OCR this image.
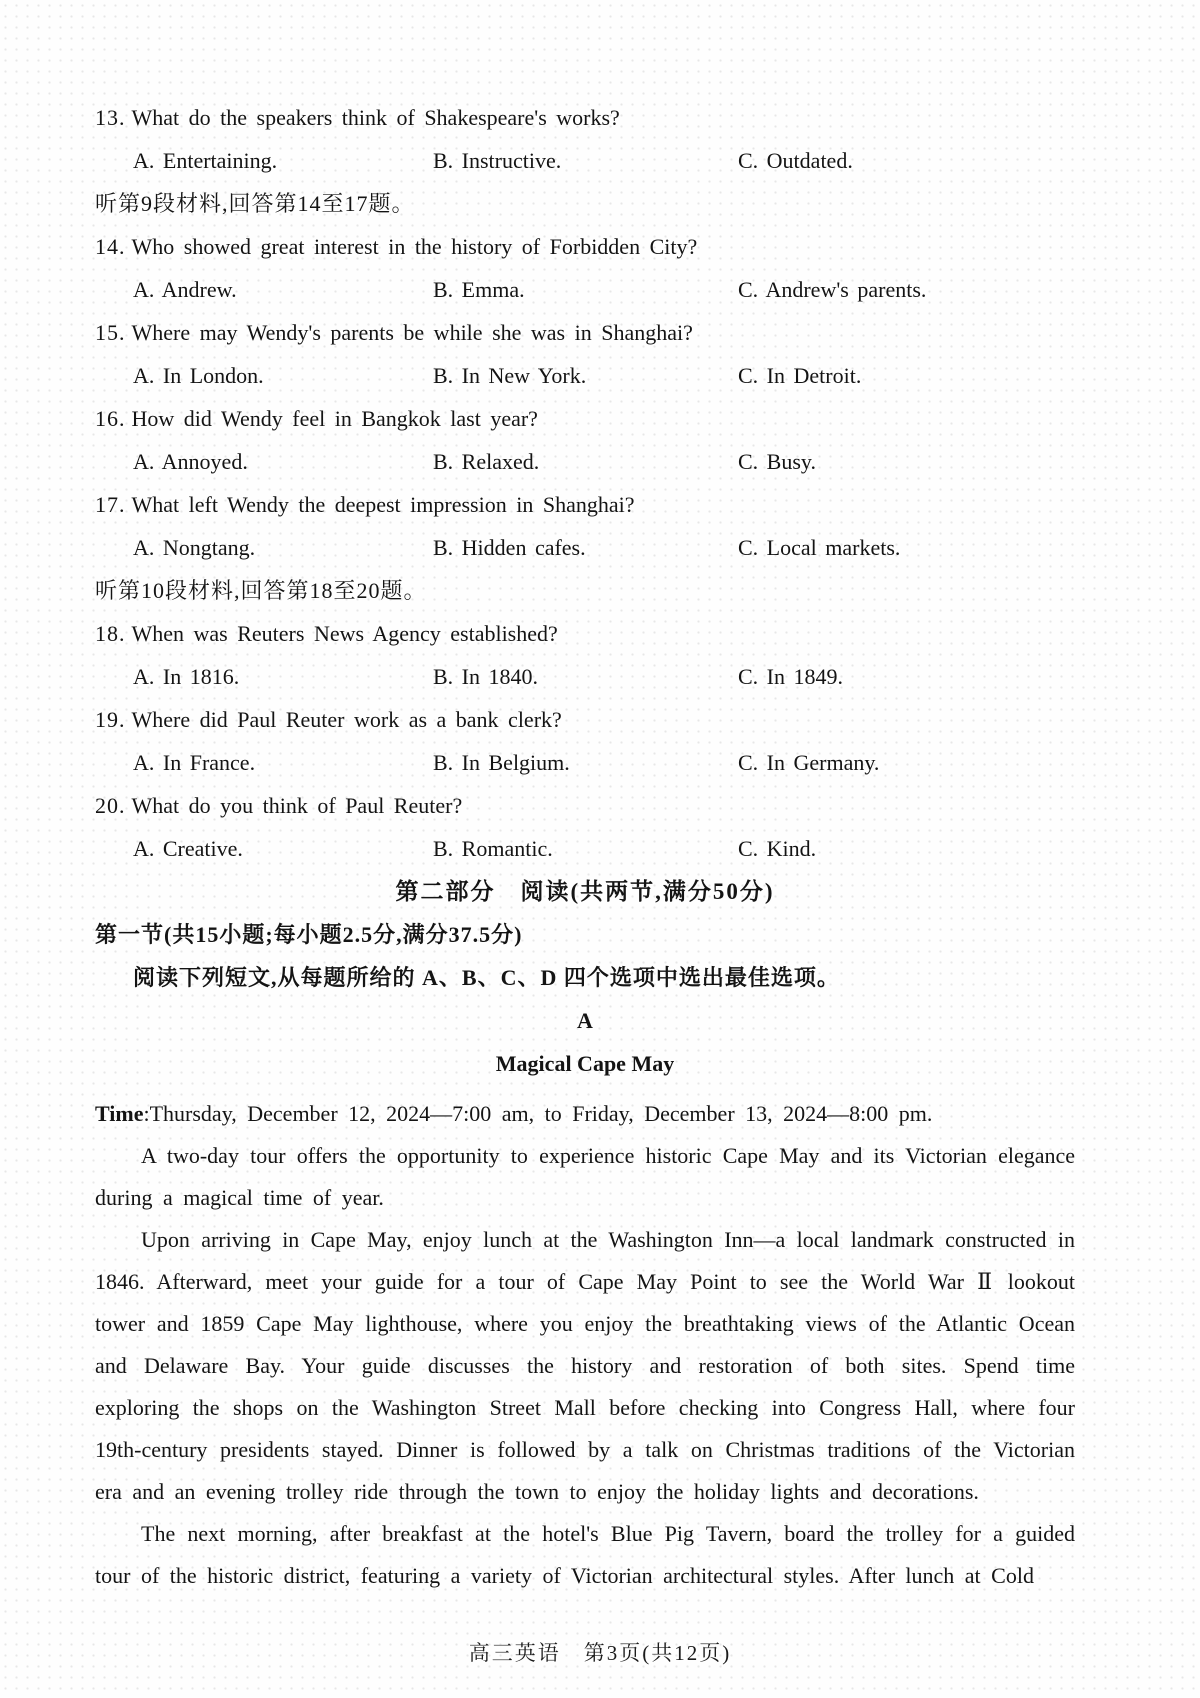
13. What do the speakers think of Shakespeare's works?
A. Entertaining.	B. Instructive.	C. Outdated.
听第9段材料,回答第14至17题。
14. Who showed great interest in the history of Forbidden City?
A. Andrew.	B. Emma.	C. Andrew's parents.
15. Where may Wendy's parents be while she was in Shanghai?
A. In London.	B. In New York.	C. In Detroit.
16. How did Wendy feel in Bangkok last year?
A. Annoyed.	B. Relaxed.	C. Busy.
17. What left Wendy the deepest impression in Shanghai?
A. Nongtang.	B. Hidden cafes.	C. Local markets.
听第10段材料,回答第18至20题。
18. When was Reuters News Agency established?
A. In 1816.	B. In 1840.	C. In 1849.
19. Where did Paul Reuter work as a bank clerk?
A. In France.	B. In Belgium.	C. In Germany.
20. What do you think of Paul Reuter?
A. Creative.	B. Romantic.	C. Kind.
第二部分　阅读(共两节,满分50分)
第一节(共15小题;每小题2.5分,满分37.5分)
阅读下列短文,从每题所给的 A、B、C、D 四个选项中选出最佳选项。
A
Magical Cape May
Time:Thursday, December 12, 2024—7:00 am, to Friday, December 13, 2024—8:00 pm.

A two-day tour offers the opportunity to experience historic Cape May and its Victorian elegance during a magical time of year.

Upon arriving in Cape May, enjoy lunch at the Washington Inn—a local landmark constructed in 1846. Afterward, meet your guide for a tour of Cape May Point to see the World War Ⅱ lookout tower and 1859 Cape May lighthouse, where you enjoy the breathtaking views of the Atlantic Ocean and Delaware Bay. Your guide discusses the history and restoration of both sites. Spend time exploring the shops on the Washington Street Mall before checking into Congress Hall, where four 19th-century presidents stayed. Dinner is followed by a talk on Christmas traditions of the Victorian era and an evening trolley ride through the town to enjoy the holiday lights and decorations.

The next morning, after breakfast at the hotel's Blue Pig Tavern, board the trolley for a guided tour of the historic district, featuring a variety of Victorian architectural styles. After lunch at Cold

高三英语　第3页(共12页)
